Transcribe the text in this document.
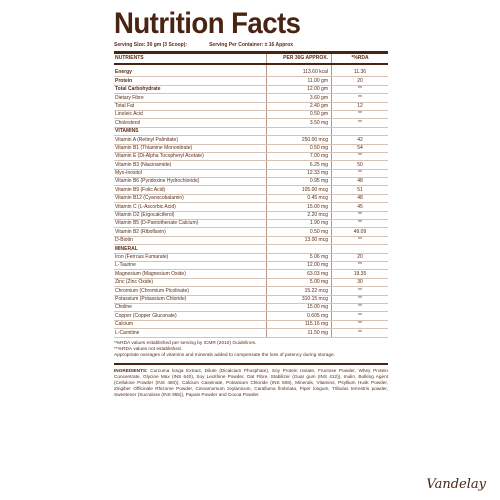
Nutrition Facts
Serving Size: 30 gm (3 Scoop):	Serving Per Container: ± 16 Approx
NUTRIENTS	PER 30G APPROX.	*%RDA

Energy	113.60 kcal	11.36
Protein	11.00 gm	20
Total Carbohydrate	12.00 gm	**
Dietary Fibre	3.60 gm	**
Total Fat	2.40 gm	12
Linoleic Acid	0.50 gm	**
Cholesterol	3.50 mg	**
VITAMINS		
Vitamin A (Retinyl Palmitate)	250.00 mcg	42
Vitamin B1 (Thiamine Mononitrate)	0.50 mg	54
Vitamin E (Di-Alpha Tocopheryl Acetate)	7.00 mg	**
Vitamin B3 (Niacinamide)	6.25 mg	50
Myo-Inositol	12.33 mg	**
Vitamin B6 (Pyridoxine Hydrochloride)	0.95 mg	48
Vitamin B9 (Folic Acid)	105.00 mcg	51
Vitamin B12 (Cyanocobalamin)	0.45 mcg	48
Vitamin C (L-Ascorbic Acid)	15.00 mg	45
Vitamin D2 (Ergocalciferol)	2.20 mcg	**
Vitamin B5 (D-Pantothenate Calcium)	1.90 mg	**
Vitamin B2 (Riboflavin)	0.50 mg	49.09
D-Biotin	13.00 mcg	**
MINERAL		
Iron (Ferrous Fumarate)	5.06 mg	20
L-Taurine	12.00 mg	**
Magnesium (Magnesium Oxide)	63.03 mg	19.35
Zinc (Zinc Oxide)	5.00 mg	30
Chromium (Chromium Picolinate)	15.22 mcg	**
Potassium (Potassium Chloride)	310.15 mcg	**
Choline	15.00 mg	**
Copper (Copper Gluconate)	0.605 mg	**
Calcium	115.16 mg	**
L-Carnitine	11.50 mg	**
*%RDA values established per serving by ICMR (2010) Guidelines.
**%RDA values not established.
Appropriate overages of vitamins and minerals added to compensate the loss of potency during storage.
INGREDIENTS: Curcuma longa Extract, Dilute (Dicalcium Phosphate), Soy Protein Isolate, Fructose Powder, Whey Protein Concentrate, Glycine Max (INS 640), Soy Lecithine Powder, Oat Fibre, Stabilizer (Guar gum (INS 412)), Inulin, Bulking Agent (Cellulose Powder (INS 460)), Calcium Caseinate, Potassium Chloride (INS 508), Minerals, Vitamins, Psyllium Husk Powder, Zingiber Officinale Rhizome Powder, Cinnamomum zeylanicum, Caralluma fimbriata, Piper longum, Tribulus terrestris powder, Sweetener (Sucralose (INS 955)), Papain Powder and Cocoa Powder.
Vandelay
